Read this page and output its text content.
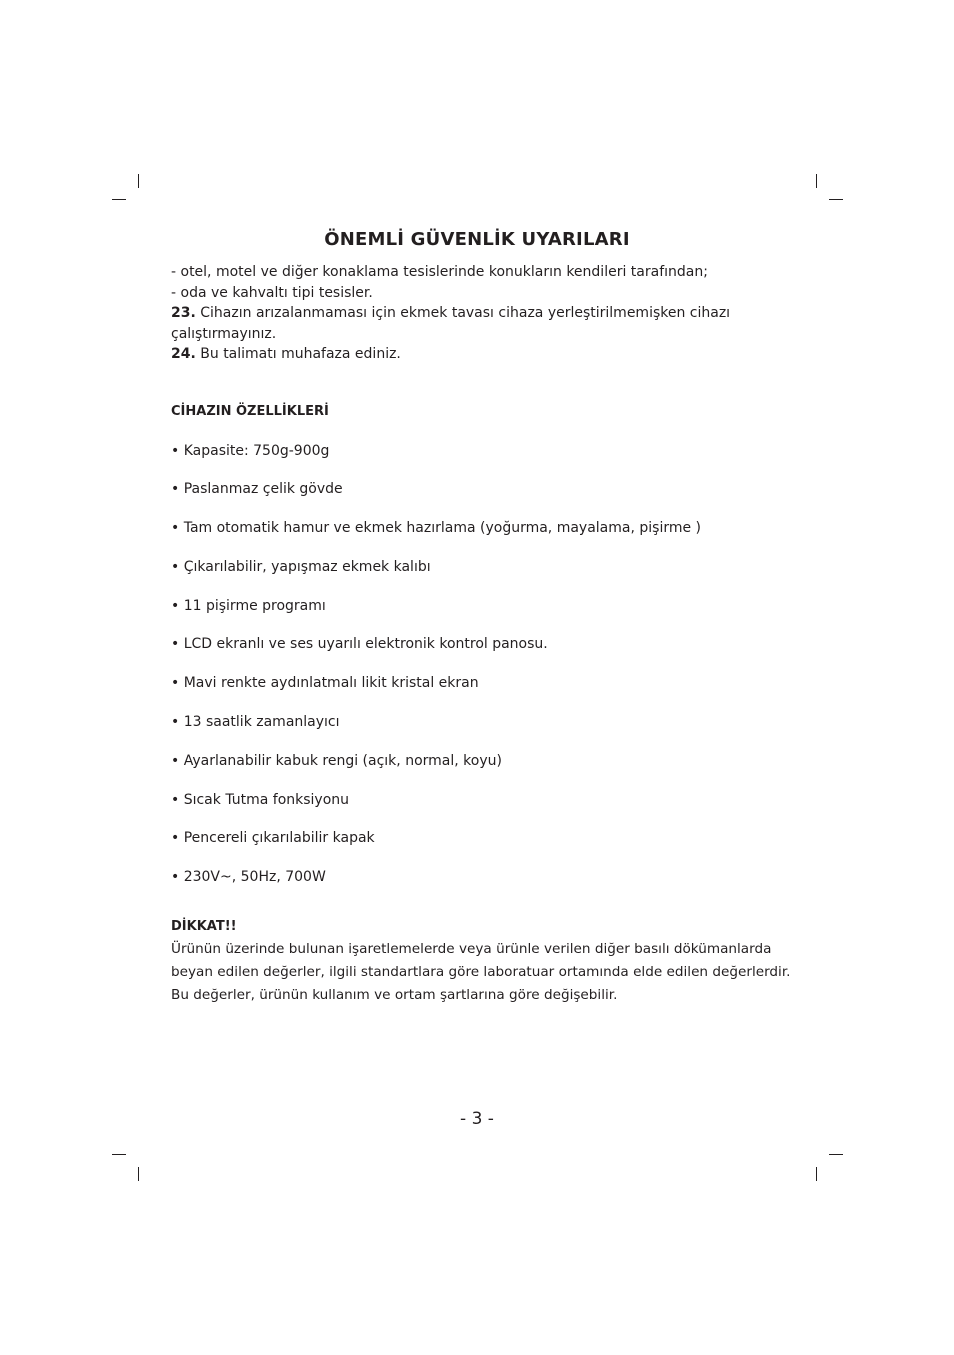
ÖNEMLİ GÜVENLİK UYARILARI

- otel, motel ve diğer konaklama tesislerinde konukların kendileri tarafından;

- oda ve kahvaltı tipi tesisler.

23. Cihazın arızalanmaması için ekmek tavası cihaza yerleştirilmemişken cihazı

çalıştırmayınız.

24. Bu talimatı muhafaza ediniz.

CİHAZIN ÖZELLİKLERİ
• Kapasite: 750g-900g
• Paslanmaz çelik gövde
• Tam otomatik hamur ve ekmek hazırlama (yoğurma, mayalama, pişirme )
• Çıkarılabilir, yapışmaz ekmek kalıbı
• 11 pişirme programı
• LCD ekranlı ve ses uyarılı elektronik kontrol panosu.
• Mavi renkte aydınlatmalı likit kristal ekran
• 13 saatlik zamanlayıcı
• Ayarlanabilir kabuk rengi (açık, normal, koyu)
• Sıcak Tutma fonksiyonu
• Pencereli çıkarılabilir kapak
• 230V~, 50Hz, 700W
DİKKAT!!

Ürünün üzerinde bulunan işaretlemelerde veya ürünle verilen diğer basılı dökümanlarda

beyan edilen değerler, ilgili standartlara göre laboratuar ortamında elde edilen değerlerdir.

Bu değerler, ürünün kullanım ve ortam şartlarına göre değişebilir.

- 3 -
